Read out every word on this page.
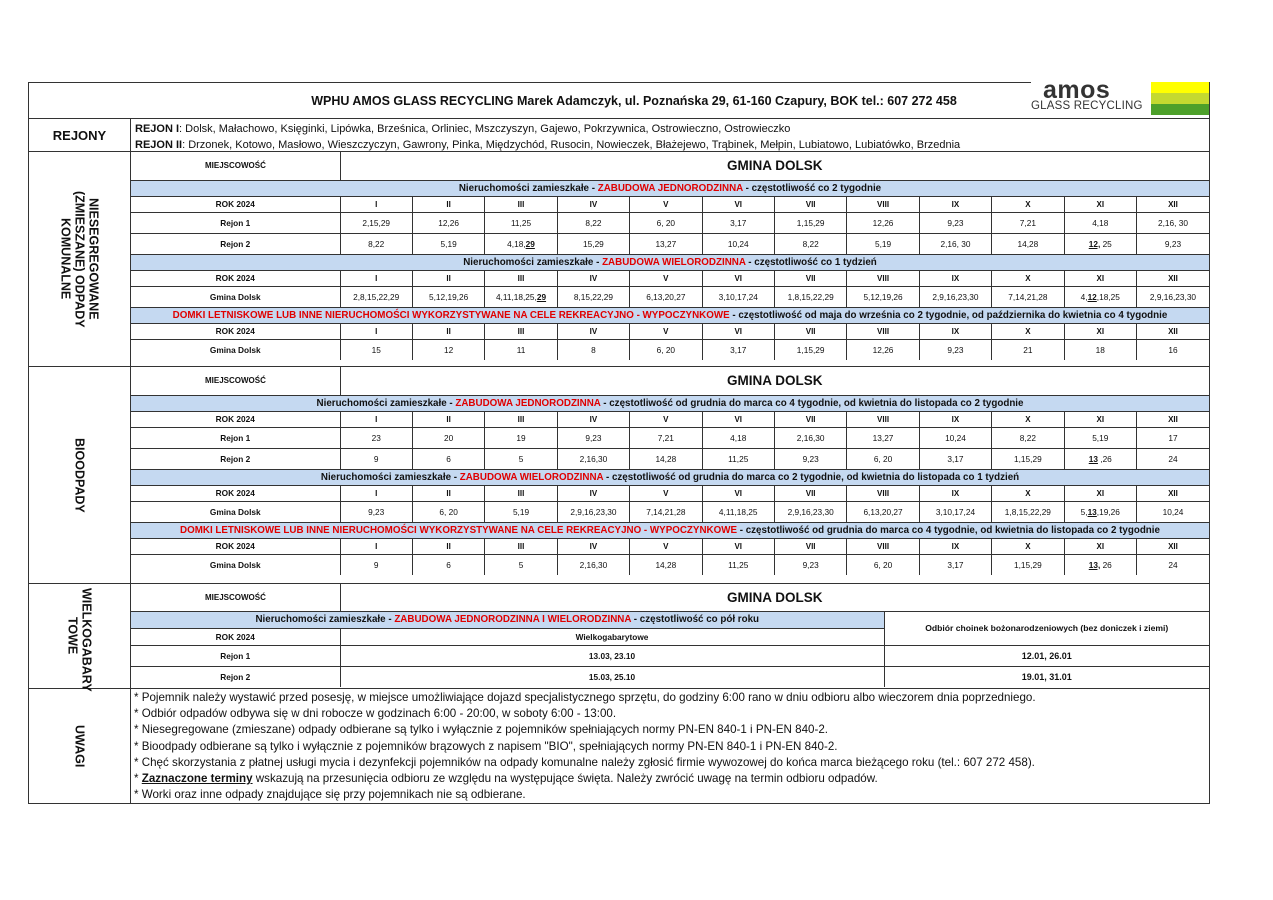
WPHU AMOS GLASS RECYCLING Marek Adamczyk, ul. Poznańska 29, 61-160 Czapury, BOK tel.: 607 272 458	amos
GLASS RECYCLING
REJONY	REJON I: Dolsk, Małachowo, Księginki, Lipówka, Brześnica, Orliniec, Mszczyszyn, Gajewo, Pokrzywnica, Ostrowieczno, Ostrowieczko
REJON II: Drzonek, Kotowo, Masłowo, Wieszczyczyn, Gawrony, Pinka, Międzychód, Rusocin, Nowieczek, Błażejewo, Trąbinek, Mełpin, Lubiatowo, Lubiatówko, Brzednia
NIESEGREGOWANE (ZMIESZANE) ODPADY KOMUNALNE
MIEJSCOWOŚĆ	GMINA DOLSK											
Nieruchomości zamieszkałe - ZABUDOWA JEDNORODZINNA - częstotliwość co 2 tygodnie												
ROK 2024	I	II	III	IV	V	VI	VII	VIII	IX	X	XI	XII
Rejon 1	2,15,29	12,26	11,25	8,22	6, 20	3,17	1,15,29	12,26	9,23	7,21	4,18	2,16, 30
Rejon 2	8,22	5,19	4,18,29	15,29	13,27	10,24	8,22	5,19	2,16, 30	14,28	12, 25	9,23
Nieruchomości zamieszkałe - ZABUDOWA WIELORODZINNA - częstotliwość co 1 tydzień												
ROK 2024	I	II	III	IV	V	VI	VII	VIII	IX	X	XI	XII
Gmina Dolsk	2,8,15,22,29	5,12,19,26	4,11,18,25,29	8,15,22,29	6,13,20,27	3,10,17,24	1,8,15,22,29	5,12,19,26	2,9,16,23,30	7,14,21,28	4,12,18,25	2,9,16,23,30
DOMKI LETNISKOWE LUB INNE NIERUCHOMOŚCI WYKORZYSTYWANE NA CELE REKREACYJNO - WYPOCZYNKOWE - częstotliwość od maja do września co 2 tygodnie, od października do kwietnia co 4 tygodnie												
ROK 2024	I	II	III	IV	V	VI	VII	VIII	IX	X	XI	XII
Gmina Dolsk	15	12	11	8	6, 20	3,17	1,15,29	12,26	9,23	21	18	16
BIOODPADY
MIEJSCOWOŚĆ	GMINA DOLSK											
Nieruchomości zamieszkałe - ZABUDOWA JEDNORODZINNA - częstotliwość od grudnia do marca co 4 tygodnie, od kwietnia do listopada co 2 tygodnie												
ROK 2024	I	II	III	IV	V	VI	VII	VIII	IX	X	XI	XII
Rejon 1	23	20	19	9,23	7,21	4,18	2,16,30	13,27	10,24	8,22	5,19	17
Rejon 2	9	6	5	2,16,30	14,28	11,25	9,23	6, 20	3,17	1,15,29	13 ,26	24
Nieruchomości zamieszkałe - ZABUDOWA WIELORODZINNA - częstotliwość od grudnia do marca co 2 tygodnie, od kwietnia do listopada co 1 tydzień												
ROK 2024	I	II	III	IV	V	VI	VII	VIII	IX	X	XI	XII
Gmina Dolsk	9,23	6, 20	5,19	2,9,16,23,30	7,14,21,28	4,11,18,25	2,9,16,23,30	6,13,20,27	3,10,17,24	1,8,15,22,29	5,13,19,26	10,24
DOMKI LETNISKOWE LUB INNE NIERUCHOMOŚCI WYKORZYSTYWANE NA CELE REKREACYJNO - WYPOCZYNKOWE - częstotliwość od grudnia do marca co 4 tygodnie, od kwietnia do listopada co 2 tygodnie												
ROK 2024	I	II	III	IV	V	VI	VII	VIII	IX	X	XI	XII
Gmina Dolsk	9	6	5	2,16,30	14,28	11,25	9,23	6, 20	3,17	1,15,29	13, 26	24
WIELKOGABARY TOWE
MIEJSCOWOŚĆ	GMINA DOLSK	
Nieruchomości zamieszkałe - ZABUDOWA JEDNORODZINNA I WIELORODZINNA - częstotliwość co pół roku		Odbiór choinek bożonarodzeniowych (bez doniczek i ziemi)
ROK 2024	Wielkogabarytowe	
Rejon 1	13.03, 23.10	12.01, 26.01
Rejon 2	15.03, 25.10	19.01, 31.01
UWAGI
* Pojemnik należy wystawić przed posesję, w miejsce umożliwiające dojazd specjalistycznego sprzętu, do godziny 6:00 rano w dniu odbioru albo wieczorem dnia poprzedniego.
* Odbiór odpadów odbywa się w dni robocze w godzinach 6:00 - 20:00, w soboty 6:00 - 13:00.
* Niesegregowane (zmieszane) odpady odbierane są tylko i wyłącznie z pojemników spełniających normy PN-EN 840-1 i PN-EN 840-2.
* Bioodpady odbierane są tylko i wyłącznie z pojemników brązowych z napisem "BIO", spełniających normy PN-EN 840-1 i PN-EN 840-2.
* Chęć skorzystania z płatnej usługi mycia i dezynfekcji pojemników na odpady komunalne należy zgłosić firmie wywozowej do końca marca bieżącego roku (tel.: 607 272 458).
* Zaznaczone terminy wskazują na przesunięcia odbioru ze względu na występujące święta. Należy zwrócić uwagę na termin odbioru odpadów.
* Worki oraz inne odpady znajdujące się przy pojemnikach nie są odbierane.
